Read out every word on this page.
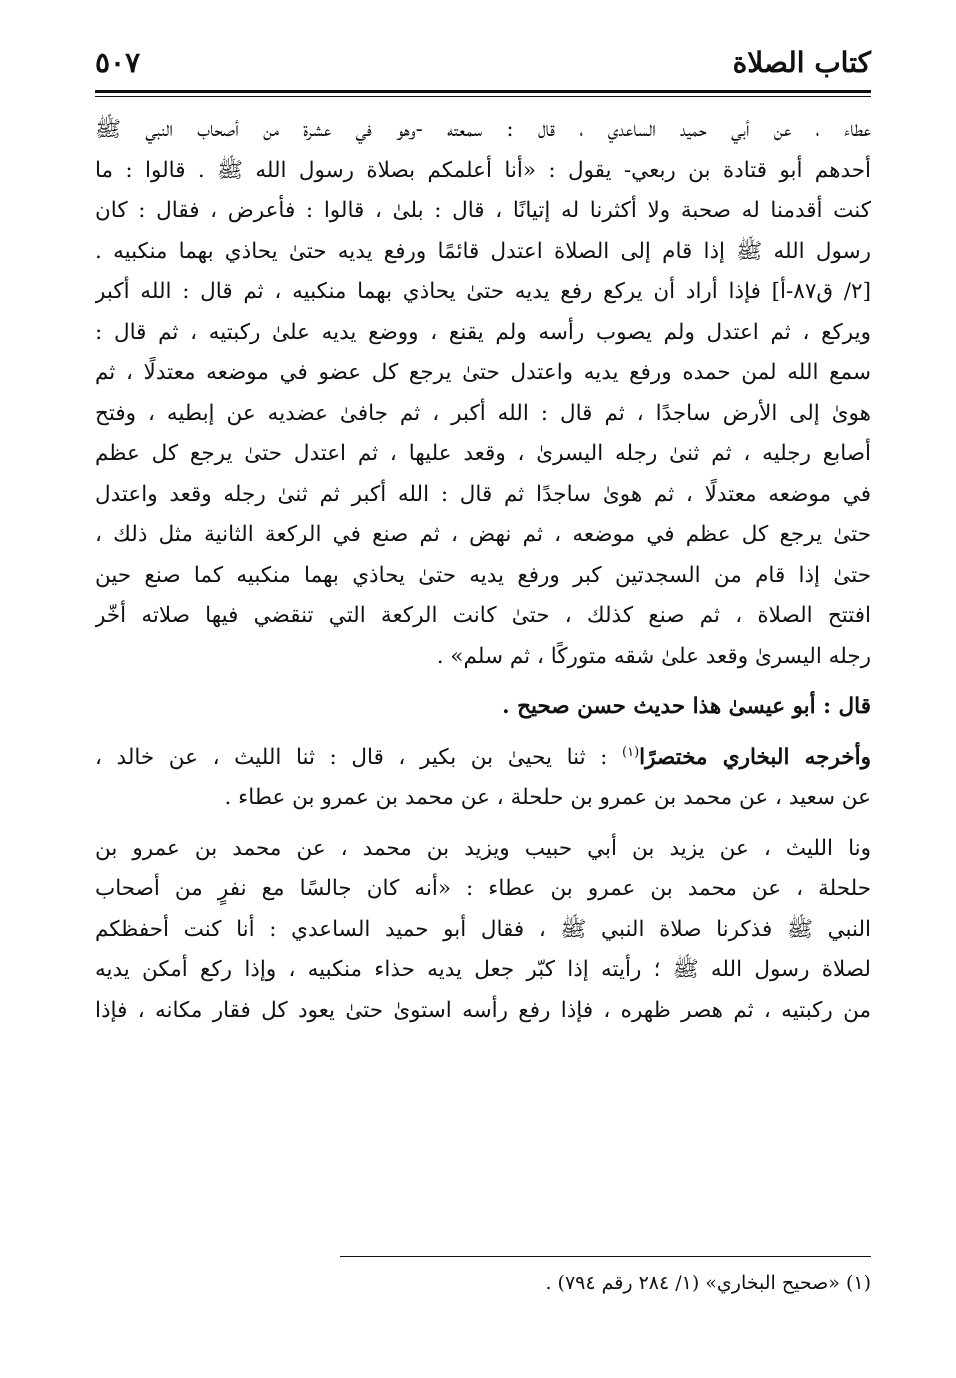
كتاب الصلاة
٥٠٧
عطاء ، عن أبي حميد الساعدي ، قال : سمعته -وهو في عشرة من أصحاب النبي ﷺ
أحدهم أبو قتادة بن ربعي- يقول : «أنا أعلمكم بصلاة رسول الله ﷺ . قالوا : ما
كنت أقدمنا له صحبة ولا أكثرنا له إتيانًا ، قال : بلىٰ ، قالوا : فأعرض ، فقال : كان
رسول الله ﷺ إذا قام إلى الصلاة اعتدل قائمًا ورفع يديه حتىٰ يحاذي بهما منكبيه .
[٢/ ق٨٧-أ] فإذا أراد أن يركع رفع يديه حتىٰ يحاذي بهما منكبيه ، ثم قال : الله أكبر
ويركع ، ثم اعتدل ولم يصوب رأسه ولم يقنع ، ووضع يديه علىٰ ركبتيه ، ثم قال :
سمع الله لمن حمده ورفع يديه واعتدل حتىٰ يرجع كل عضو في موضعه معتدلًا ، ثم
هوىٰ إلى الأرض ساجدًا ، ثم قال : الله أكبر ، ثم جافىٰ عضديه عن إبطيه ، وفتح
أصابع رجليه ، ثم ثنىٰ رجله اليسرىٰ ، وقعد عليها ، ثم اعتدل حتىٰ يرجع كل عظم
في موضعه معتدلًا ، ثم هوىٰ ساجدًا ثم قال : الله أكبر ثم ثنىٰ رجله وقعد واعتدل
حتىٰ يرجع كل عظم في موضعه ، ثم نهض ، ثم صنع في الركعة الثانية مثل ذلك ،
حتىٰ إذا قام من السجدتين كبر ورفع يديه حتىٰ يحاذي بهما منكبيه كما صنع حين
افتتح الصلاة ، ثم صنع كذلك ، حتىٰ كانت الركعة التي تنقضي فيها صلاته أخّر
رجله اليسرىٰ وقعد علىٰ شقه متوركًا ، ثم سلم» .
قال : أبو عيسىٰ هذا حديث حسن صحيح .
وأخرجه البخاري مختصرًا$^{(١)}$ : ثنا يحيىٰ بن بكير ، قال : ثنا الليث ، عن خالد ،
عن سعيد ، عن محمد بن عمرو بن حلحلة ، عن محمد بن عمرو بن عطاء .
ونا الليث ، عن يزيد بن أبي حبيب ويزيد بن محمد ، عن محمد بن عمرو بن
حلحلة ، عن محمد بن عمرو بن عطاء : «أنه كان جالسًا مع نفرٍ من أصحاب
النبي ﷺ فذكرنا صلاة النبي ﷺ ، فقال أبو حميد الساعدي : أنا كنت أحفظكم
لصلاة رسول الله ﷺ ؛ رأيته إذا كبّر جعل يديه حذاء منكبيه ، وإذا ركع أمكن يديه
من ركبتيه ، ثم هصر ظهره ، فإذا رفع رأسه استوىٰ حتىٰ يعود كل فقار مكانه ، فإذا
(١) «صحيح البخاري» (١/ ٢٨٤ رقم ٧٩٤) .
